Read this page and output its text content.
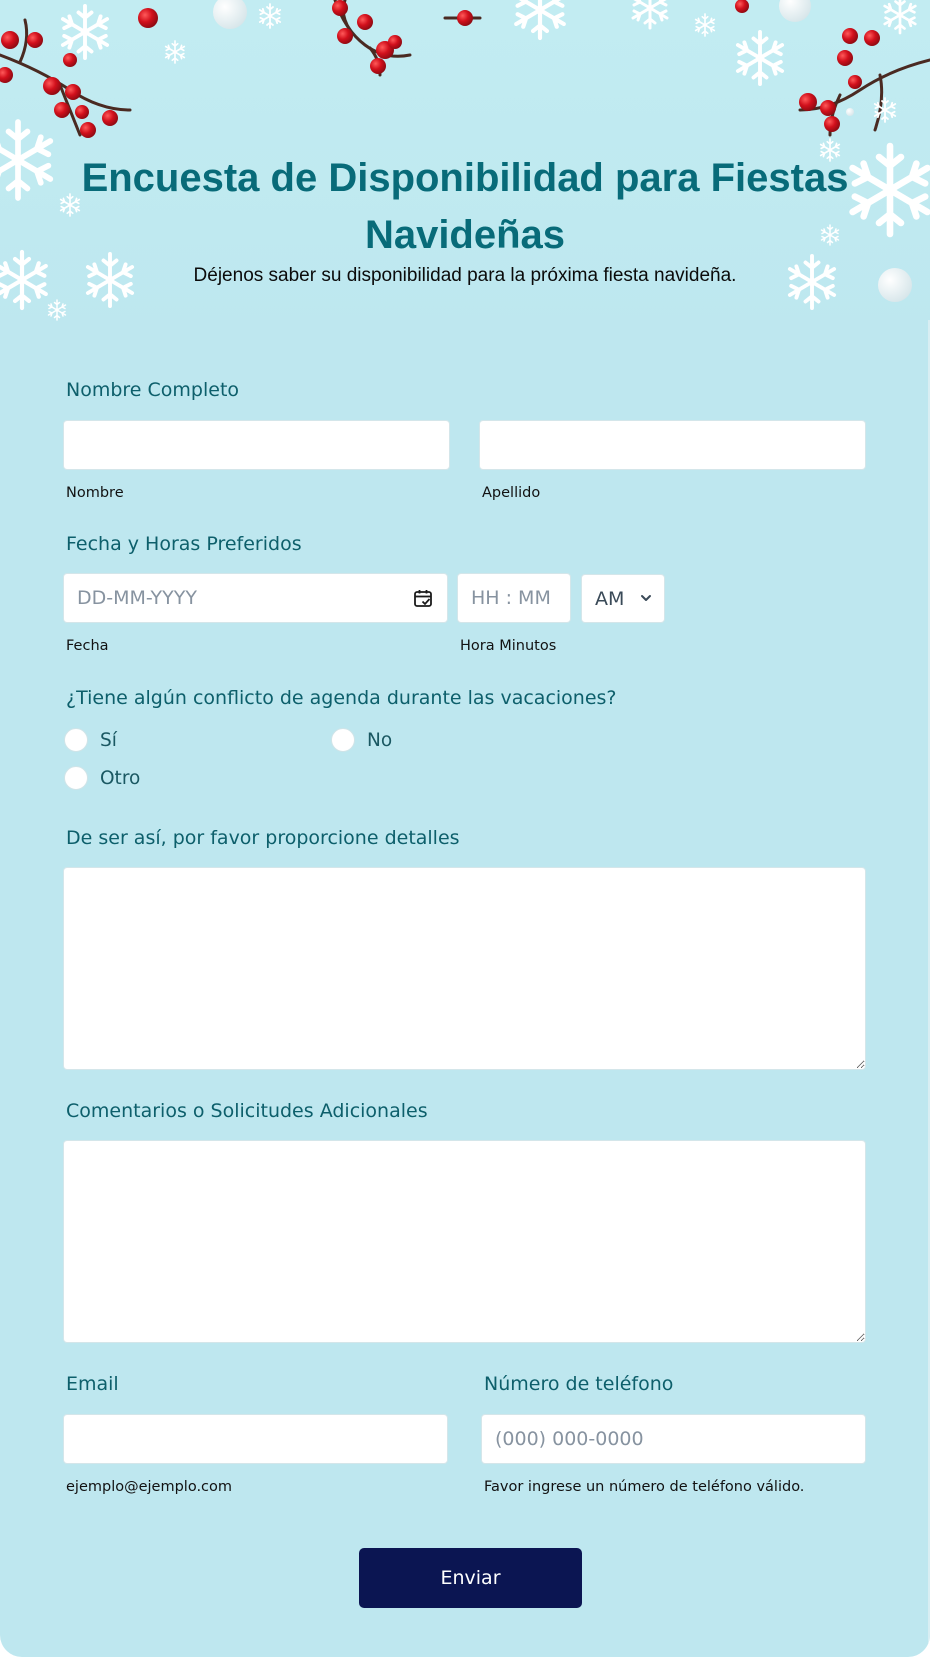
Encuesta de Disponibilidad para Fiestas Navideñas
Déjenos saber su disponibilidad para la próxima fiesta navideña.
Nombre Completo
Nombre	Apellido
Fecha y Horas Preferidos
DD-MM-YYYY
HH : MM
AM
Fecha	Hora Minutos
¿Tiene algún conflicto de agenda durante las vacaciones?
Sí	No
Otro
De ser así, por favor proporcione detalles
Comentarios o Solicitudes Adicionales
Email
ejemplo@ejemplo.com
Número de teléfono
(000) 000-0000
Favor ingrese un número de teléfono válido.
Enviar
